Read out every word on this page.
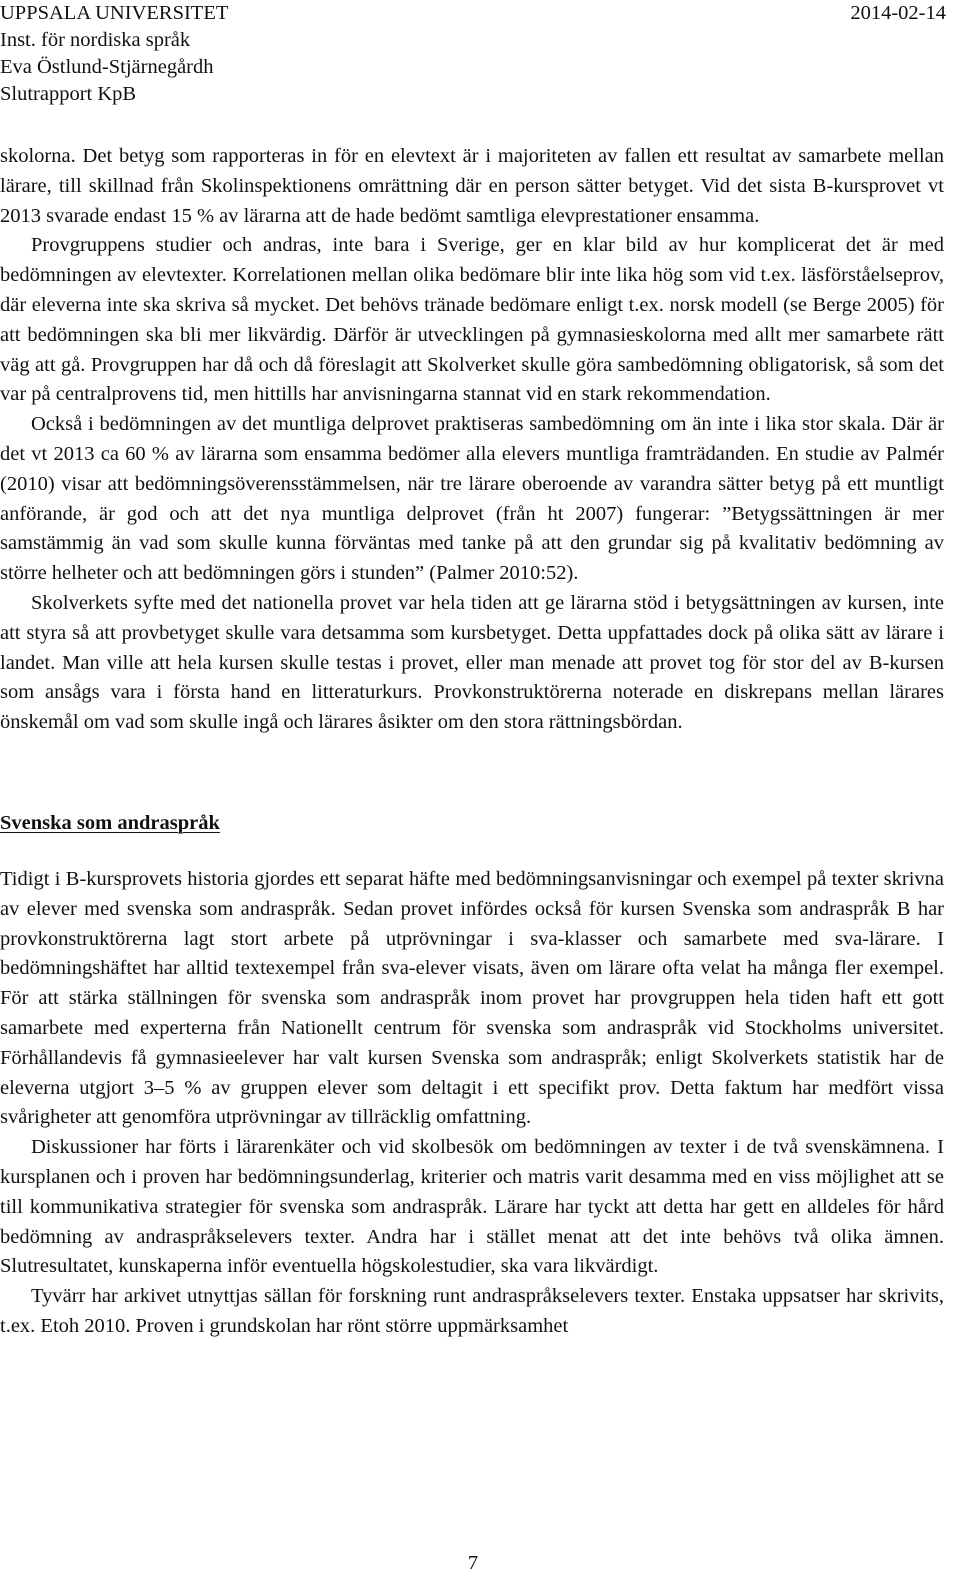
UPPSALA UNIVERSITET
Inst. för nordiska språk
Eva Östlund-Stjärnegårdh
Slutrapport KpB
2014-02-14

skolorna. Det betyg som rapporteras in för en elevtext är i majoriteten av fallen ett resultat av samarbete mellan lärare, till skillnad från Skolinspektionens omrättning där en person sätter betyget. Vid det sista B-kursprovet vt 2013 svarade endast 15 % av lärarna att de hade bedömt samtliga elevprestationer ensamma.

Provgruppens studier och andras, inte bara i Sverige, ger en klar bild av hur komplicerat det är med bedömningen av elevtexter. Korrelationen mellan olika bedömare blir inte lika hög som vid t.ex. läsförståelseprov, där eleverna inte ska skriva så mycket. Det behövs tränade bedömare enligt t.ex. norsk modell (se Berge 2005) för att bedömningen ska bli mer likvärdig. Därför är utvecklingen på gymnasieskolorna med allt mer samarbete rätt väg att gå. Provgruppen har då och då föreslagit att Skolverket skulle göra sambedömning obligatorisk, så som det var på centralprovens tid, men hittills har anvisningarna stannat vid en stark rekommendation.

Också i bedömningen av det muntliga delprovet praktiseras sambedömning om än inte i lika stor skala. Där är det vt 2013 ca 60 % av lärarna som ensamma bedömer alla elevers muntliga framträdanden. En studie av Palmér (2010) visar att bedömningsöverensstämmelsen, när tre lärare oberoende av varandra sätter betyg på ett muntligt anförande, är god och att det nya muntliga delprovet (från ht 2007) fungerar: ”Betygssättningen är mer samstämmig än vad som skulle kunna förväntas med tanke på att den grundar sig på kvalitativ bedömning av större helheter och att bedömningen görs i stunden” (Palmer 2010:52).

Skolverkets syfte med det nationella provet var hela tiden att ge lärarna stöd i betygsättningen av kursen, inte att styra så att provbetyget skulle vara detsamma som kursbetyget. Detta uppfattades dock på olika sätt av lärare i landet. Man ville att hela kursen skulle testas i provet, eller man menade att provet tog för stor del av B-kursen som ansågs vara i första hand en litteraturkurs. Provkonstruktörerna noterade en diskrepans mellan lärares önskemål om vad som skulle ingå och lärares åsikter om den stora rättningsbördan.

Svenska som andraspråk

Tidigt i B-kursprovets historia gjordes ett separat häfte med bedömningsanvisningar och exempel på texter skrivna av elever med svenska som andraspråk. Sedan provet infördes också för kursen Svenska som andraspråk B har provkonstruktörerna lagt stort arbete på utprövningar i sva-klasser och samarbete med sva-lärare. I bedömningshäftet har alltid textexempel från sva-elever visats, även om lärare ofta velat ha många fler exempel. För att stärka ställningen för svenska som andraspråk inom provet har provgruppen hela tiden haft ett gott samarbete med experterna från Nationellt centrum för svenska som andraspråk vid Stockholms universitet. Förhållandevis få gymnasieelever har valt kursen Svenska som andraspråk; enligt Skolverkets statistik har de eleverna utgjort 3–5 % av gruppen elever som deltagit i ett specifikt prov. Detta faktum har medfört vissa svårigheter att genomföra utprövningar av tillräcklig omfattning.

Diskussioner har förts i lärarenkäter och vid skolbesök om bedömningen av texter i de två svenskämnena. I kursplanen och i proven har bedömningsunderlag, kriterier och matris varit desamma med en viss möjlighet att se till kommunikativa strategier för svenska som andraspråk. Lärare har tyckt att detta har gett en alldeles för hård bedömning av andraspråkselevers texter. Andra har i stället menat att det inte behövs två olika ämnen. Slutresultatet, kunskaperna inför eventuella högskolestudier, ska vara likvärdigt.

Tyvärr har arkivet utnyttjas sällan för forskning runt andraspråkselevers texter. Enstaka uppsatser har skrivits, t.ex. Etoh 2010. Proven i grundskolan har rönt större uppmärksamhet

7
